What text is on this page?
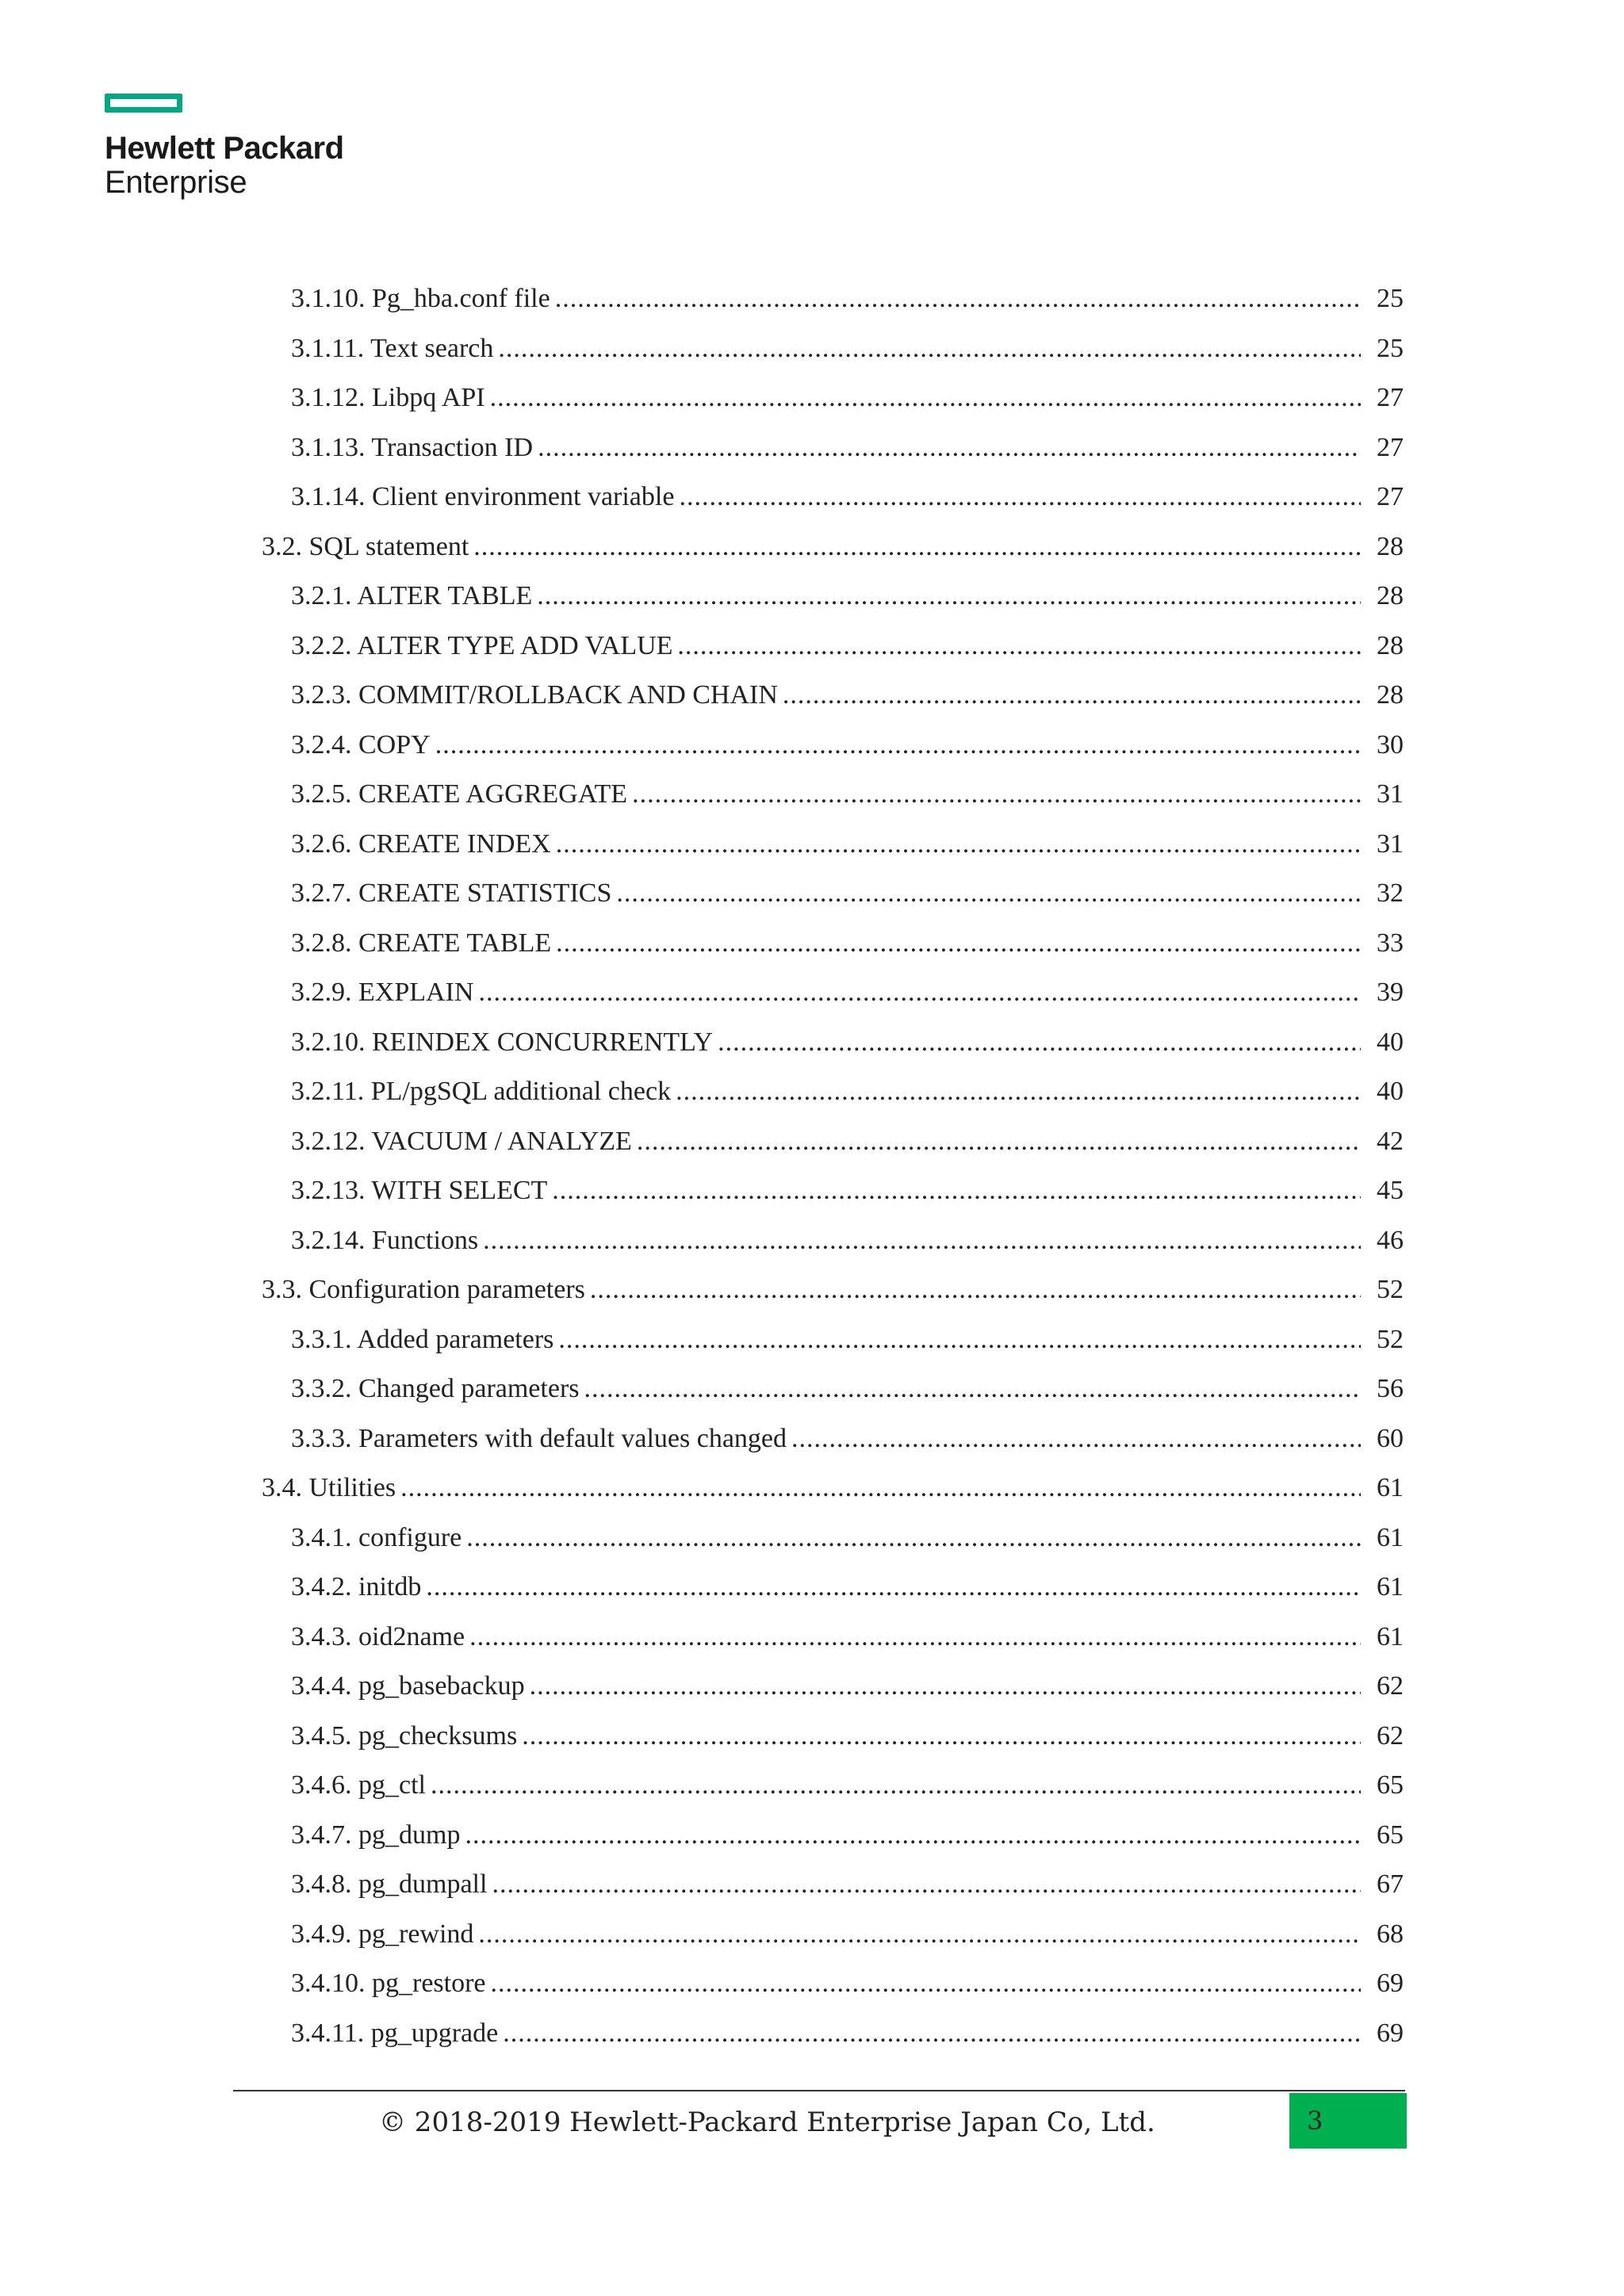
Hewlett Packard
Enterprise
3.1.10. Pg_hba.conf file .....	25
3.1.11. Text search .....	25
3.1.12. Libpq API .....	27
3.1.13. Transaction ID .....	27
3.1.14. Client environment variable .....	27
3.2. SQL statement .....	28
3.2.1. ALTER TABLE .....	28
3.2.2. ALTER TYPE ADD VALUE .....	28
3.2.3. COMMIT/ROLLBACK AND CHAIN .....	28
3.2.4. COPY .....	30
3.2.5. CREATE AGGREGATE .....	31
3.2.6. CREATE INDEX .....	31
3.2.7. CREATE STATISTICS .....	32
3.2.8. CREATE TABLE .....	33
3.2.9. EXPLAIN .....	39
3.2.10. REINDEX CONCURRENTLY .....	40
3.2.11. PL/pgSQL additional check .....	40
3.2.12. VACUUM / ANALYZE .....	42
3.2.13. WITH SELECT .....	45
3.2.14. Functions .....	46
3.3. Configuration parameters .....	52
3.3.1. Added parameters .....	52
3.3.2. Changed parameters .....	56
3.3.3. Parameters with default values changed .....	60
3.4. Utilities .....	61
3.4.1. configure .....	61
3.4.2. initdb .....	61
3.4.3. oid2name .....	61
3.4.4. pg_basebackup .....	62
3.4.5. pg_checksums .....	62
3.4.6. pg_ctl .....	65
3.4.7. pg_dump .....	65
3.4.8. pg_dumpall .....	67
3.4.9. pg_rewind .....	68
3.4.10. pg_restore .....	69
3.4.11. pg_upgrade .....	69
© 2018-2019 Hewlett-Packard Enterprise Japan Co, Ltd.	3
